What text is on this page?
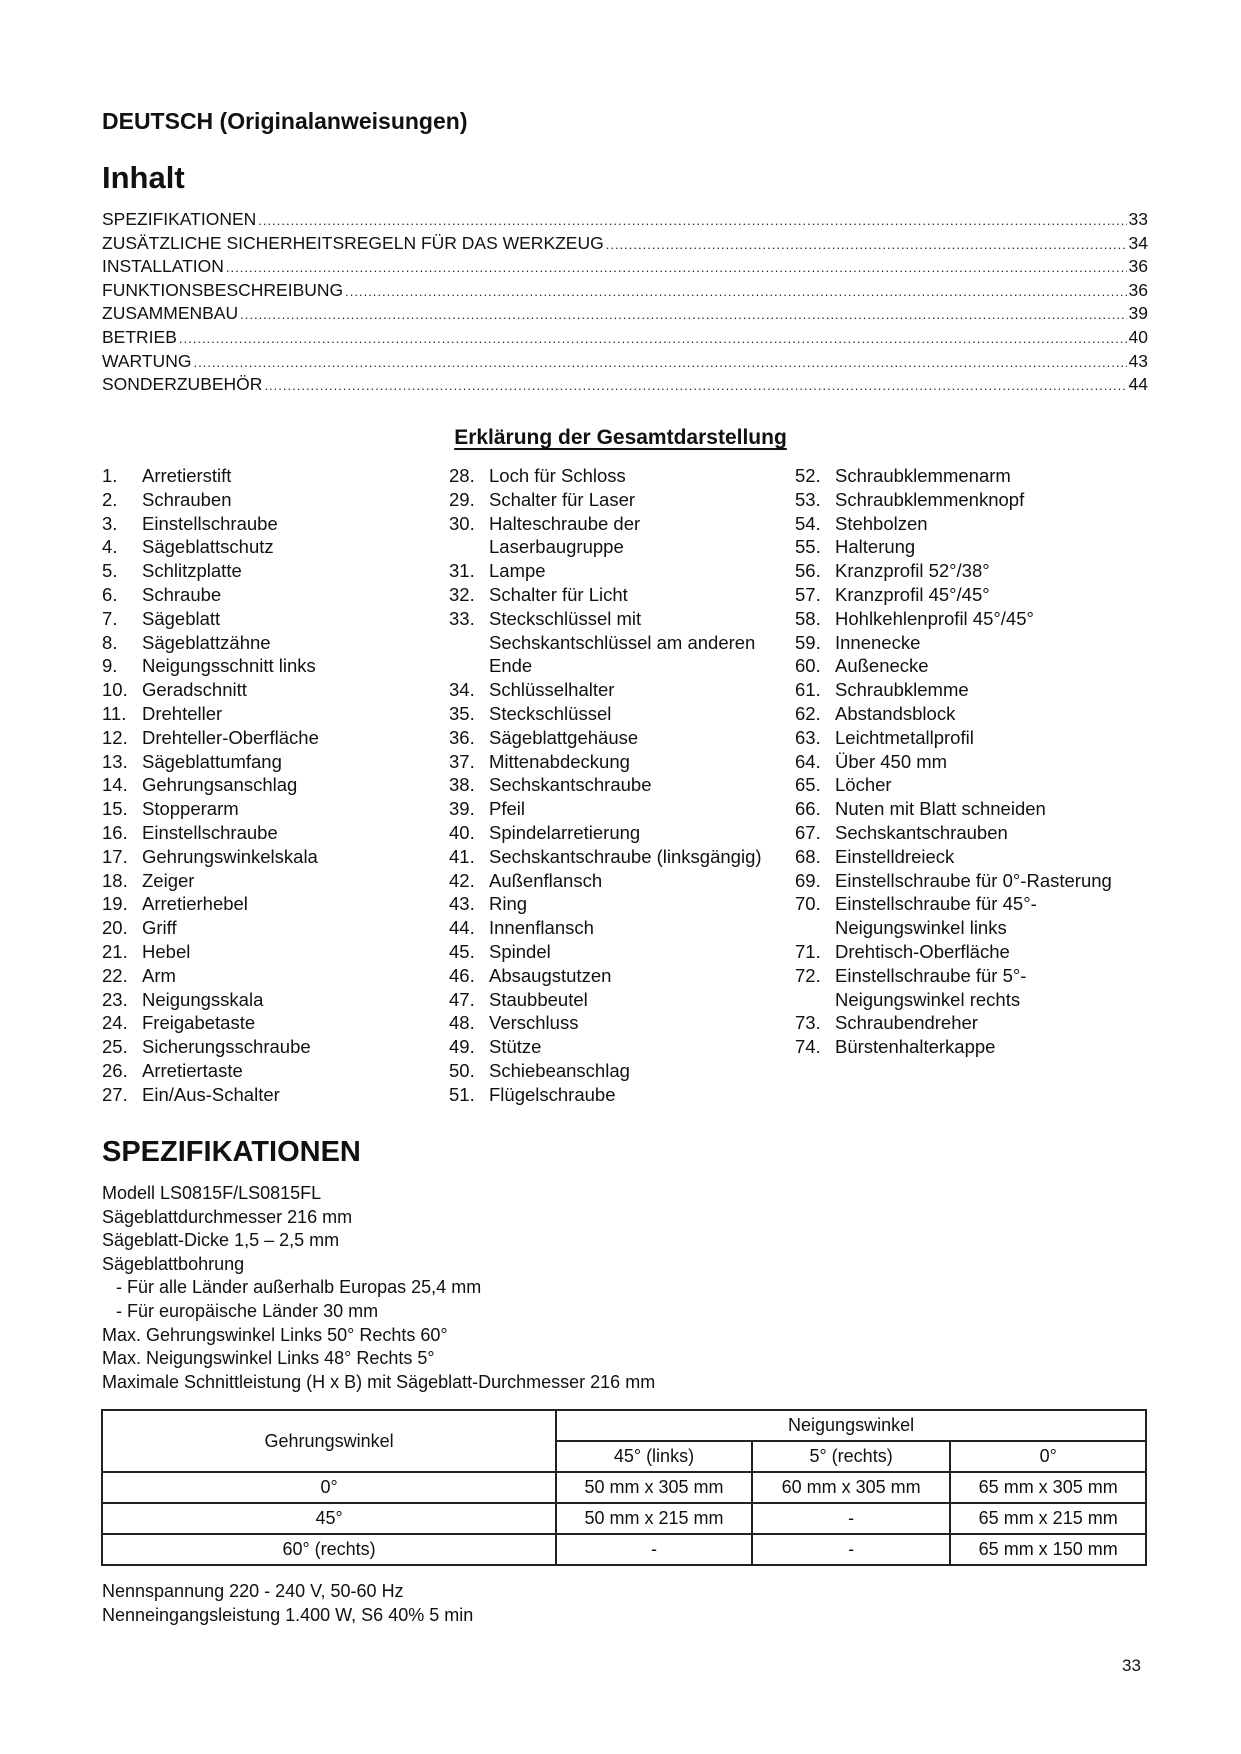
DEUTSCH (Originalanweisungen)
Inhalt
SPEZIFIKATIONEN .....	33
ZUSÄTZLICHE SICHERHEITSREGELN FÜR DAS WERKZEUG .....	34
INSTALLATION .....	36
FUNKTIONSBESCHREIBUNG .....	36
ZUSAMMENBAU .....	39
BETRIEB .....	40
WARTUNG .....	43
SONDERZUBEHÖR .....	44
Erklärung der Gesamtdarstellung
1.	Arretierstift
2.	Schrauben
3.	Einstellschraube
4.	Sägeblattschutz
5.	Schlitzplatte
6.	Schraube
7.	Sägeblatt
8.	Sägeblattzähne
9.	Neigungsschnitt links
10. Geradschnitt
11. Drehteller
12. Drehteller-Oberfläche
13. Sägeblattumfang
14. Gehrungsanschlag
15. Stopperarm
16. Einstellschraube
17. Gehrungswinkelskala
18. Zeiger
19. Arretierhebel
20. Griff
21. Hebel
22. Arm
23. Neigungsskala
24. Freigabetaste
25. Sicherungsschraube
26. Arretiertaste
27. Ein/Aus-Schalter
28. Loch für Schloss
29. Schalter für Laser
30. Halteschraube der
Laserbaugruppe
31. Lampe
32. Schalter für Licht
33. Steckschlüssel mit
Sechskantschlüssel am anderen
Ende
34. Schlüsselhalter
35. Steckschlüssel
36. Sägeblattgehäuse
37. Mittenabdeckung
38. Sechskantschraube
39. Pfeil
40. Spindelarretierung
41. Sechskantschraube (linksgängig)
42. Außenflansch
43. Ring
44. Innenflansch
45. Spindel
46. Absaugstutzen
47. Staubbeutel
48. Verschluss
49. Stütze
50. Schiebeanschlag
51. Flügelschraube
52. Schraubklemmenarm
53. Schraubklemmenknopf
54. Stehbolzen
55. Halterung
56. Kranzprofil 52°/38°
57. Kranzprofil 45°/45°
58. Hohlkehlenprofil 45°/45°
59. Innenecke
60. Außenecke
61. Schraubklemme
62. Abstandsblock
63. Leichtmetallprofil
64. Über 450 mm
65. Löcher
66. Nuten mit Blatt schneiden
67. Sechskantschrauben
68. Einstelldreieck
69. Einstellschraube für 0°-Rasterung
70. Einstellschraube für 45°-
Neigungswinkel links
71. Drehtisch-Oberfläche
72. Einstellschraube für 5°-
Neigungswinkel rechts
73. Schraubendreher
74. Bürstenhalterkappe
SPEZIFIKATIONEN
Modell LS0815F/LS0815FL
Sägeblattdurchmesser 216 mm
Sägeblatt-Dicke 1,5 – 2,5 mm
Sägeblattbohrung
- Für alle Länder außerhalb Europas 25,4 mm
- Für europäische Länder 30 mm
Max. Gehrungswinkel Links 50° Rechts 60°
Max. Neigungswinkel Links 48° Rechts 5°
Maximale Schnittleistung (H x B) mit Sägeblatt-Durchmesser 216 mm
Gehrungswinkel	Neigungswinkel		
	45° (links)	5° (rechts)	0°
0°	50 mm x 305 mm	60 mm x 305 mm	65 mm x 305 mm
45°	50 mm x 215 mm	-	65 mm x 215 mm
60° (rechts)	-	-	65 mm x 150 mm
Nennspannung 220 - 240 V, 50-60 Hz
Nenneingangsleistung 1.400 W, S6 40% 5 min
33
